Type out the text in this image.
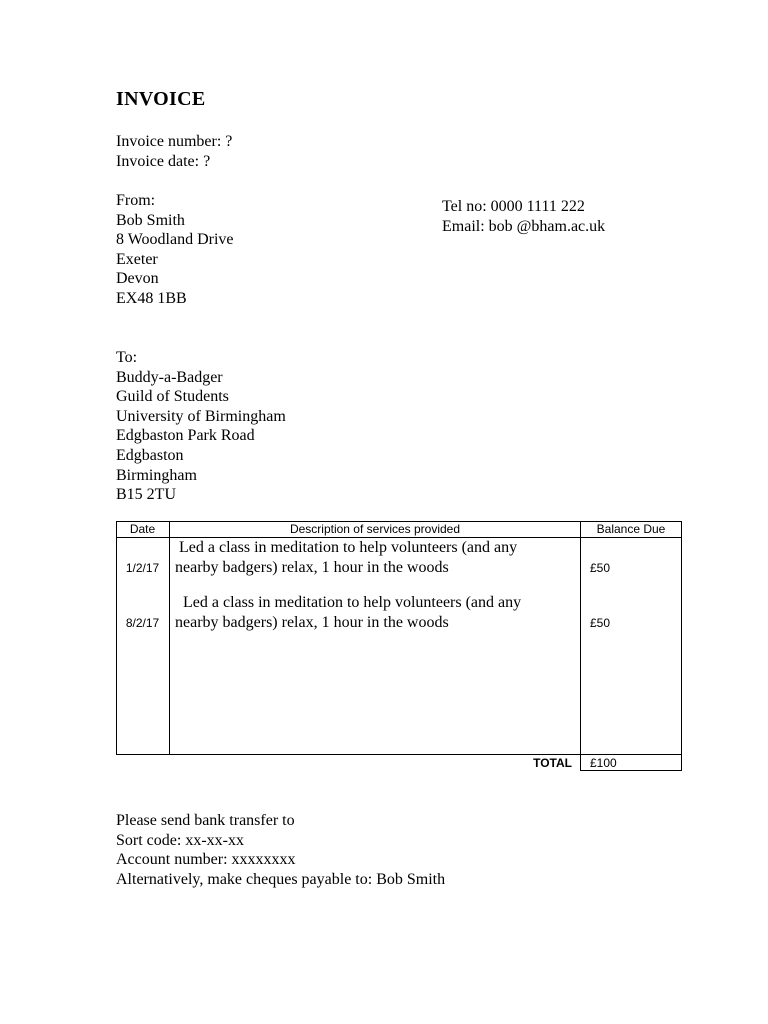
INVOICE
Invoice number: ?
Invoice date: ?
From:
Bob Smith
8 Woodland Drive
Exeter
Devon
EX48 1BB
Tel no: 0000 1111 222
Email: bob @bham.ac.uk
To:
Buddy-a-Badger
Guild of Students
University of Birmingham
Edgbaston Park Road
Edgbaston
Birmingham
B15 2TU
Date	Description of services provided	Balance Due
1/2/17
Led a class in meditation to help volunteers (and any
nearby badgers) relax, 1 hour in the woods	£50
8/2/17
Led a class in meditation to help volunteers (and any
nearby badgers) relax, 1 hour in the woods	£50
TOTAL £100
Please send bank transfer to
Sort code: xx-xx-xx
Account number: xxxxxxxx
Alternatively, make cheques payable to: Bob Smith
